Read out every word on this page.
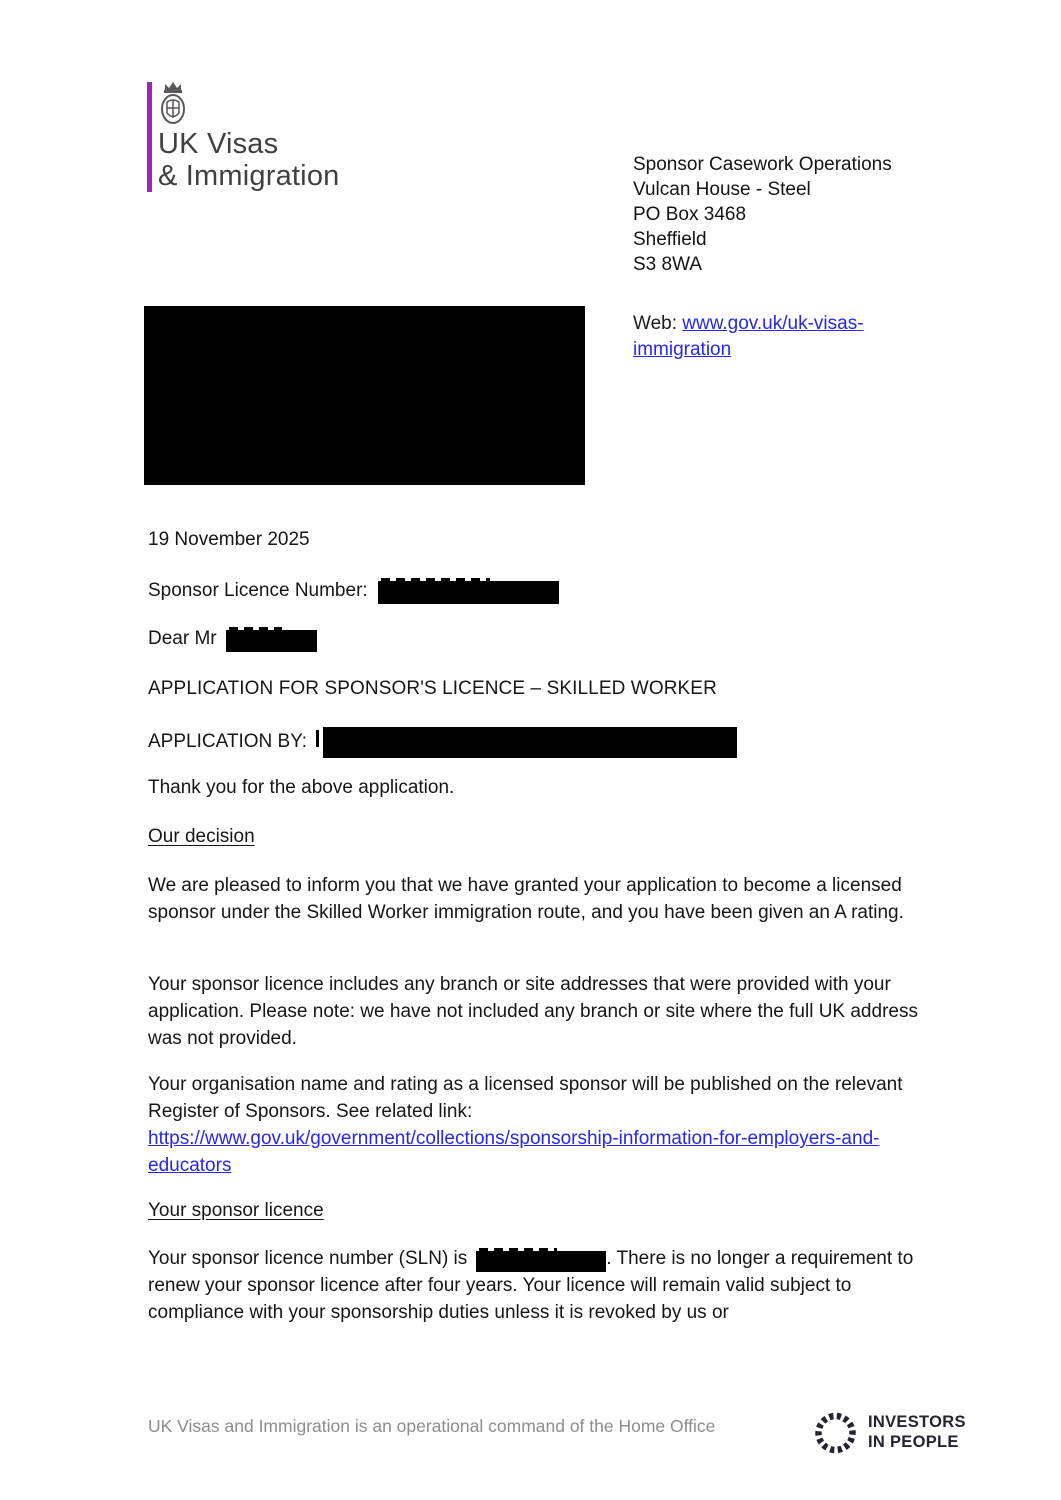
UK Visas
& Immigration	Sponsor Casework Operations
Vulcan House - Steel
PO Box 3468
Sheffield
S3 8WA
Web: www.gov.uk/uk-visas-
immigration
19 November 2025
Sponsor Licence Number:
Dear Mr
APPLICATION FOR SPONSOR'S LICENCE – SKILLED WORKER
APPLICATION BY:
Thank you for the above application.
Our decision
We are pleased to inform you that we have granted your application to become a licensed sponsor under the Skilled Worker immigration route, and you have been given an A rating.
Your sponsor licence includes any branch or site addresses that were provided with your application. Please note: we have not included any branch or site where the full UK address was not provided.
Your organisation name and rating as a licensed sponsor will be published on the relevant Register of Sponsors. See related link:
https://www.gov.uk/government/collections/sponsorship-information-for-employers-and-educators
Your sponsor licence
Your sponsor licence number (SLN) is	. There is no longer a requirement to renew your sponsor licence after four years. Your licence will remain valid subject to compliance with your sponsorship duties unless it is revoked by us or
UK Visas and Immigration is an operational command of the Home Office	INVESTORS
IN PEOPLE
